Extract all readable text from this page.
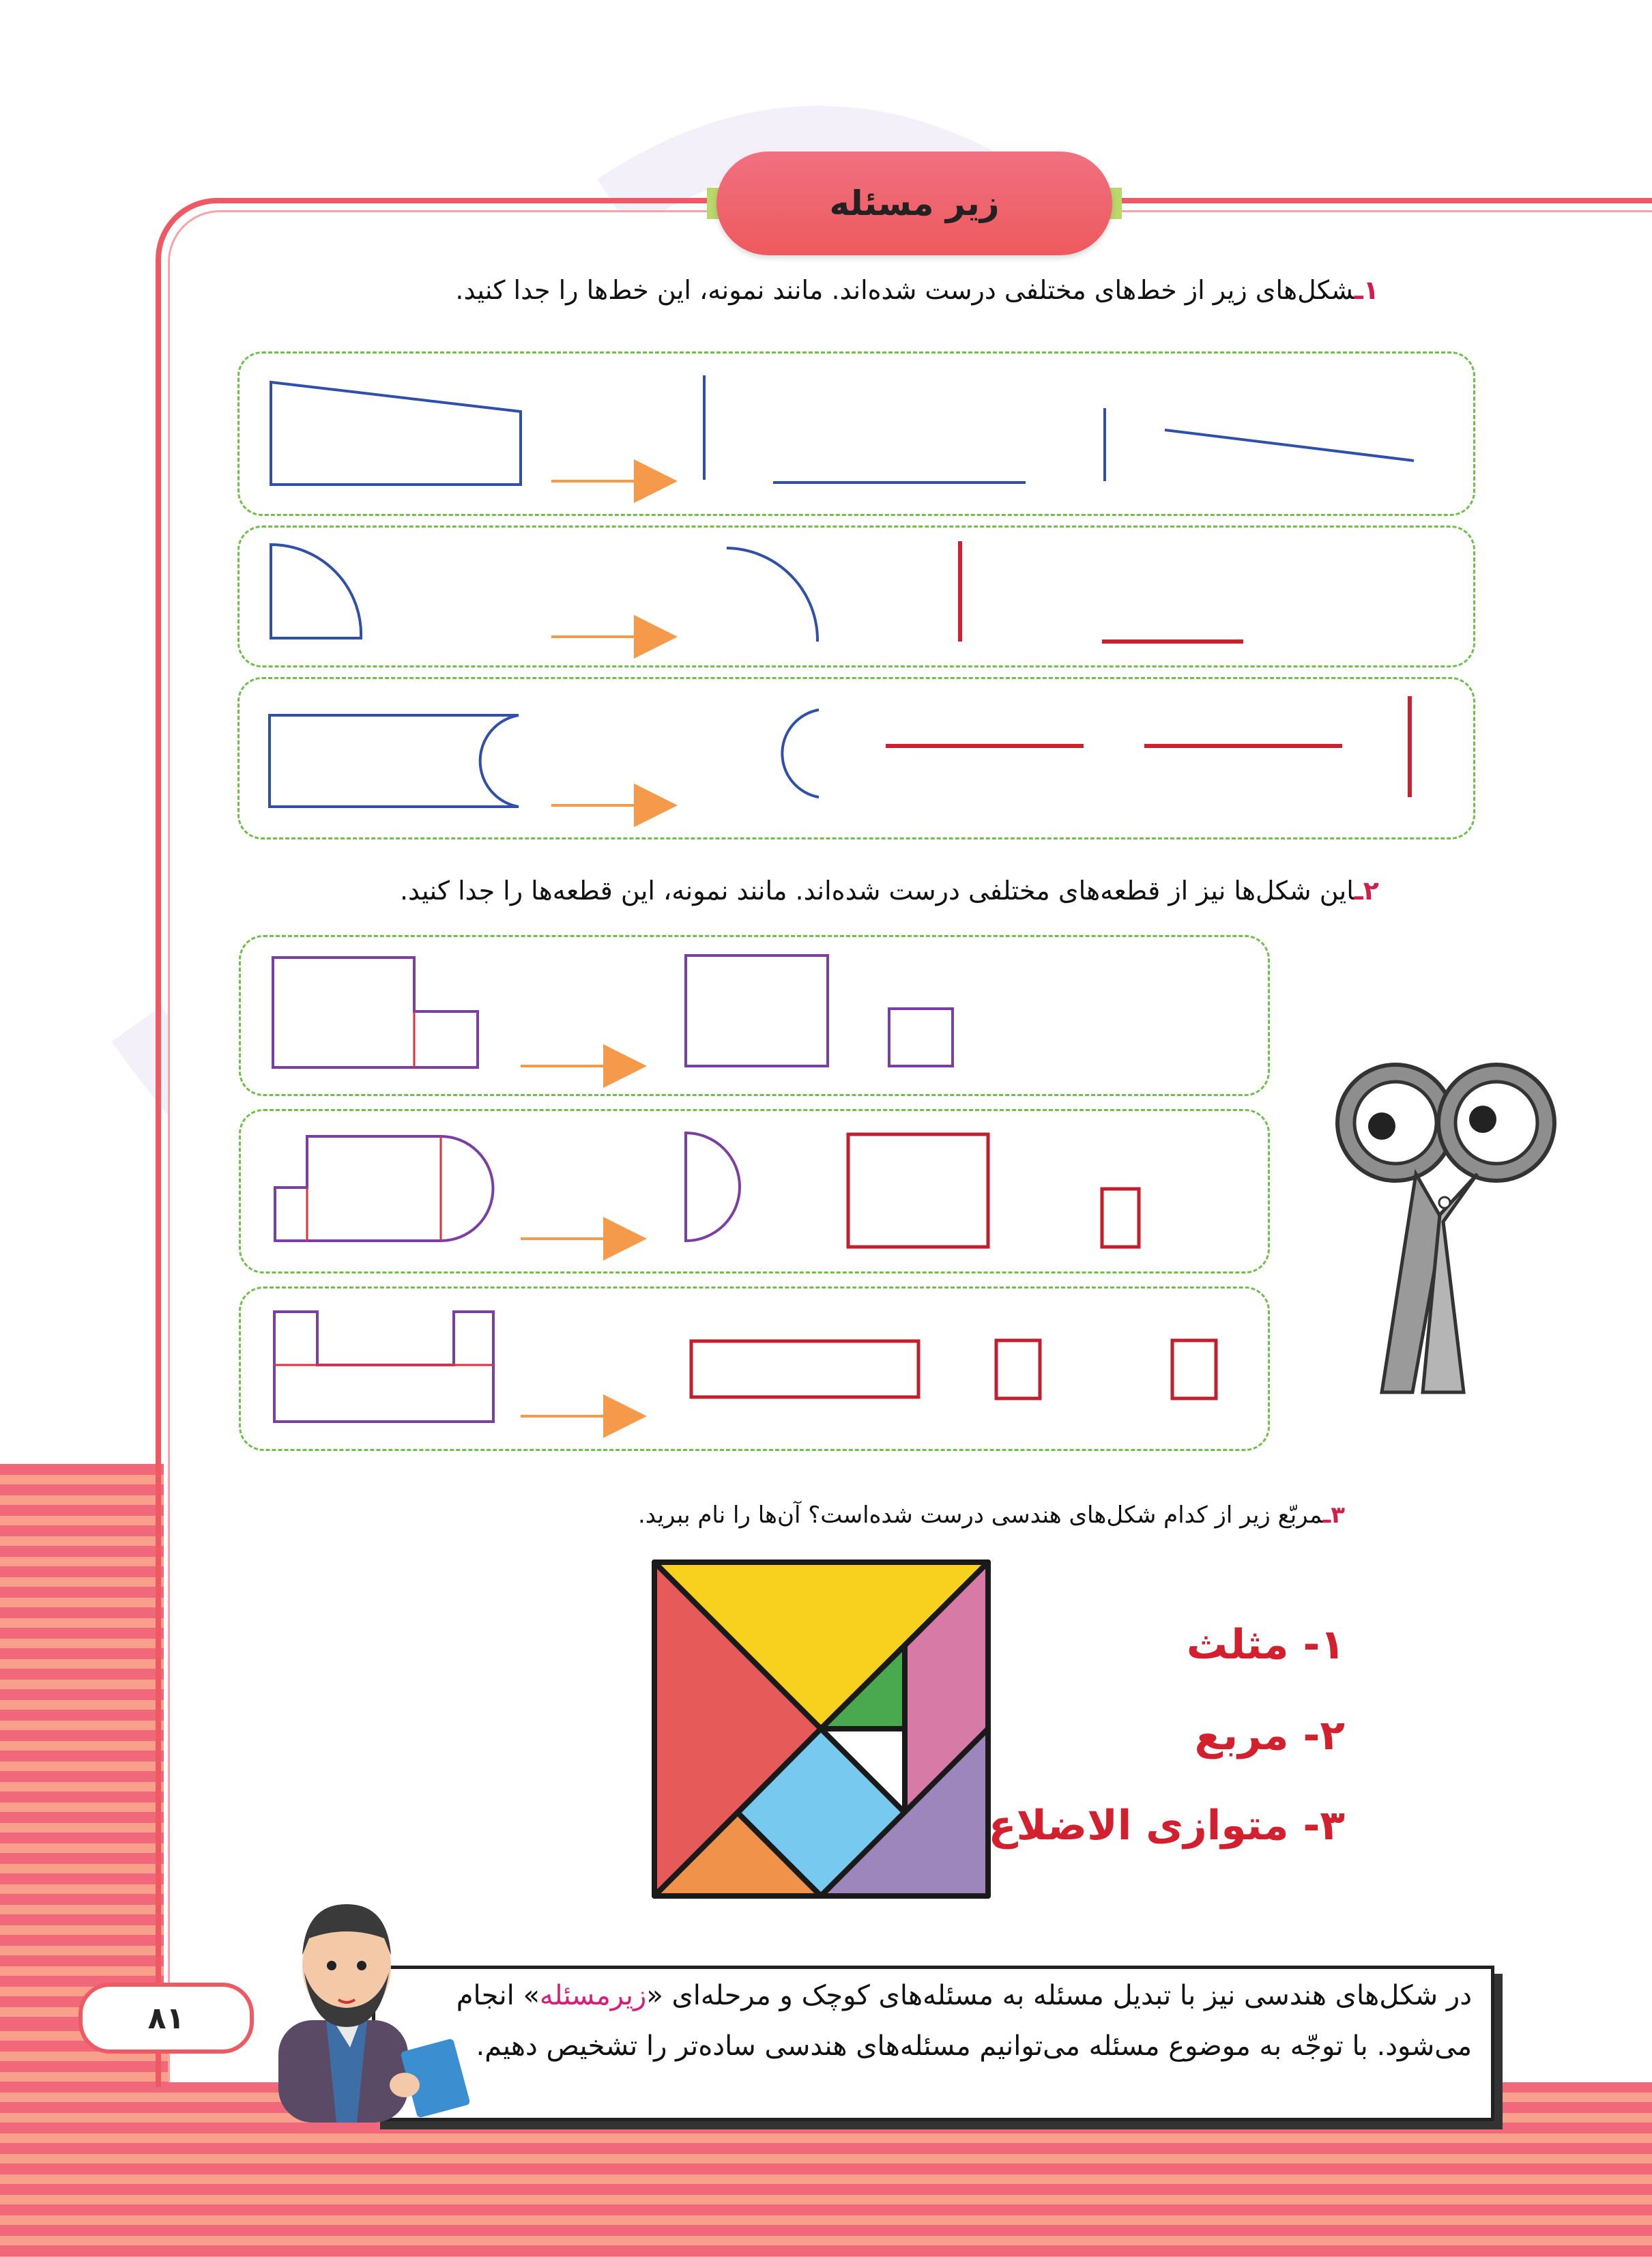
زیر مسئله
۱ـشکل‌های زیر از خط‌های مختلفی درست شده‌اند. مانند نمونه، این خط‌ها را جدا کنید.
۲ـاین شکل‌ها نیز از قطعه‌های مختلفی درست شده‌اند. مانند نمونه، این قطعه‌ها را جدا کنید.
۳ـمربّع زیر از کدام شکل‌های هندسی درست شده‌است؟ آن‌ها را نام ببرید.
۱- مثلث
۲- مربع
۳- متوازی الاضلاع
۸۱
در شکل‌های هندسی نیز با تبدیل مسئله به مسئله‌های کوچک و مرحله‌ای «زیرمسئله» انجام
می‌شود. با توجّه به موضوع مسئله می‌توانیم مسئله‌های هندسی ساده‌تر را تشخیص دهیم.
